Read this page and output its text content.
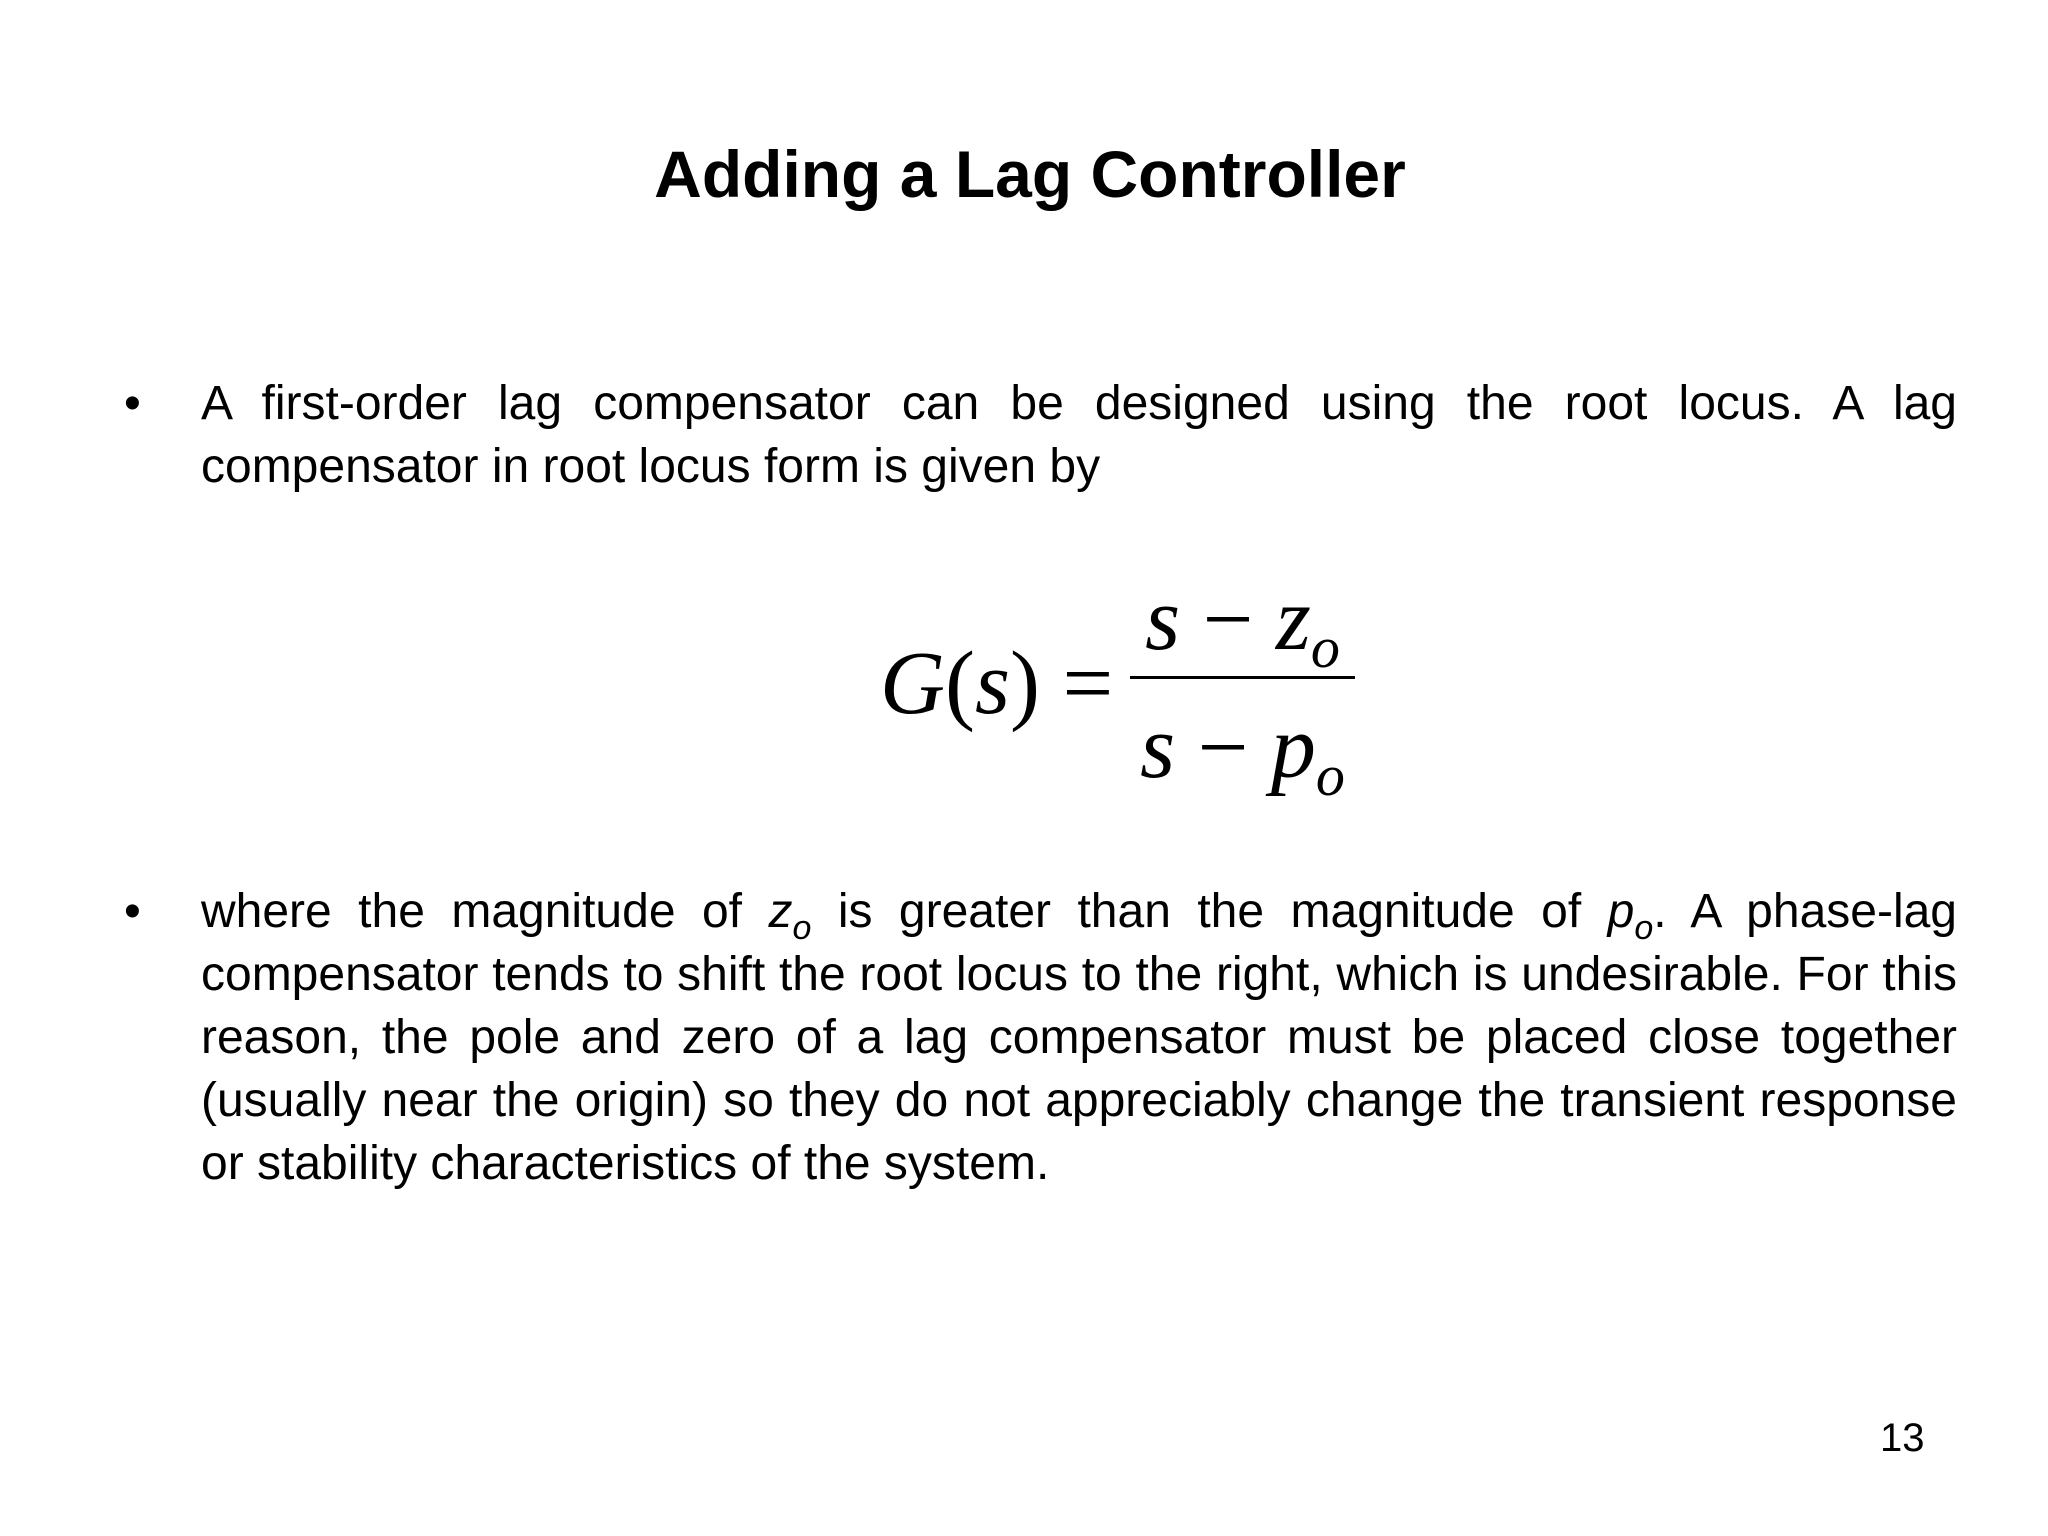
Adding a Lag Controller
• A first-order lag compensator can be designed using the root locus. A lag compensator in root locus form is given by

G(s) =
$s - z_o$
$s - p_o$
• where the magnitude of $z_o$ is greater than the magnitude of $p_o$. A phase-lag compensator tends to shift the root locus to the right, which is undesirable. For this reason, the pole and zero of a lag compensator must be placed close together (usually near the origin) so they do not appreciably change the transient response or stability characteristics of the system.

13
